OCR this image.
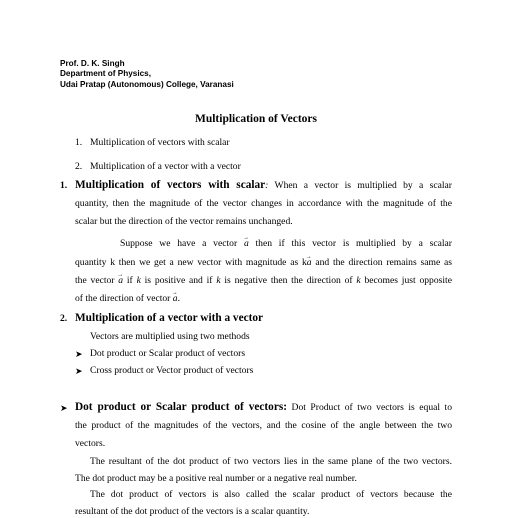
Prof. D. K. Singh
Department of Physics,
Udai Pratap (Autonomous) College, Varanasi
Multiplication of Vectors
1. Multiplication of vectors with scalar
2. Multiplication of a vector with a vector
1. Multiplication of vectors with scalar: When a vector is multiplied by a scalar
quantity, then the magnitude of the vector changes in accordance with the magnitude of the
scalar but the direction of the vector remains unchanged.
Suppose we have a vector → a then if this vector is multiplied by a scalar
quantity k then we get a new vector with magnitude as k→ a and the direction remains same as
the vector → a if k is positive and if k is negative then the direction of k becomes just opposite
of the direction of vector → a.
2. Multiplication of a vector with a vector
Vectors are multiplied using two methods
➤ Dot product or Scalar product of vectors
➤ Cross product or Vector product of vectors
➤ Dot product or Scalar product of vectors: Dot Product of two vectors is equal to
the product of the magnitudes of the vectors, and the cosine of the angle between the two
vectors.
The resultant of the dot product of two vectors lies in the same plane of the two vectors.
The dot product may be a positive real number or a negative real number.
The dot product of vectors is also called the scalar product of vectors because the
resultant of the dot product of the vectors is a scalar quantity.
